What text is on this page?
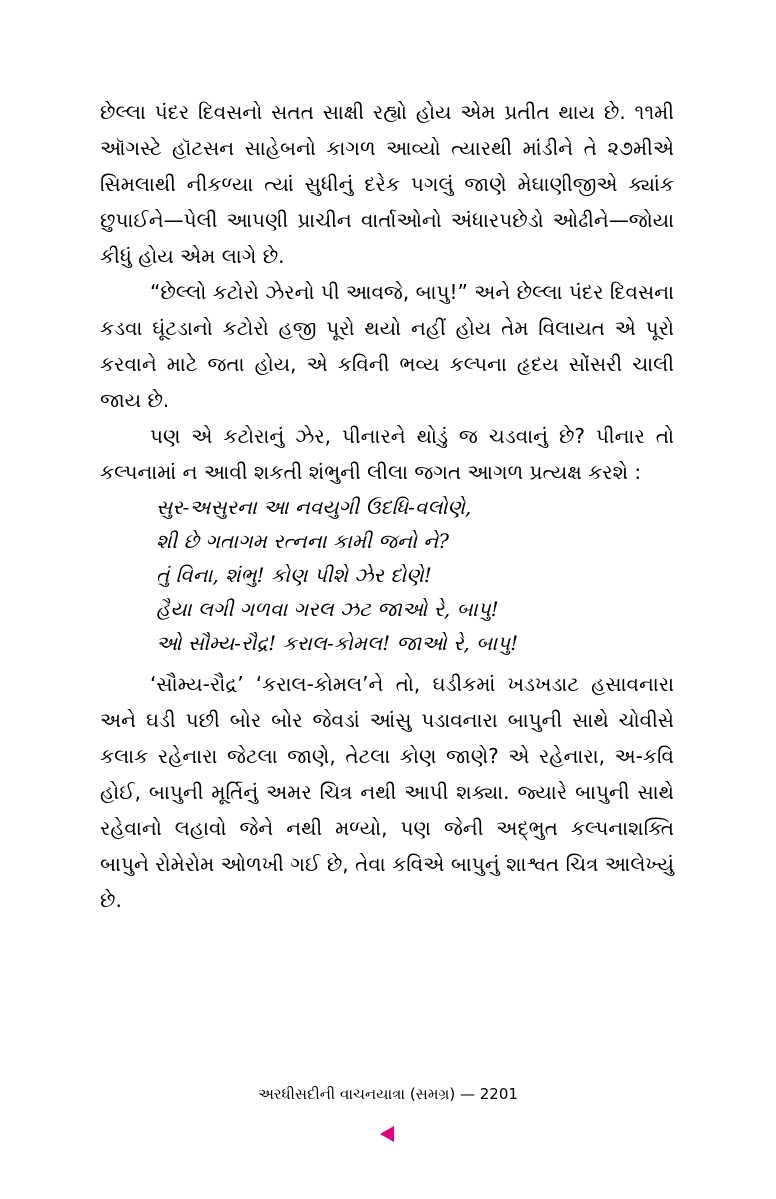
છેલ્લા પંદર દિવસનો સતત સાક્ષી રહ્યો હોય એમ પ્રતીત થાય છે. ૧૧મી ઑગસ્ટે હૉટસન સાહેબનો કાગળ આવ્યો ત્યારથી માંડીને તે ૨૭મીએ સિમલાથી નીકળ્યા ત્યાં સુધીનું દરેક પગલું જાણે મેઘાણીજીએ ક્યાંક છુપાઈને—પેલી આપણી પ્રાચીન વાર્તાઓનો અંધારપછેડો ઓઢીને—જોયા કીધું હોય એમ લાગે છે.

“છેલ્લો કટોરો ઝેરનો પી આવજે, બાપુ!” અને છેલ્લા પંદર દિવસના કડવા ઘૂંટડાનો કટોરો હજી પૂરો થયો નહીં હોય તેમ વિલાયત એ પૂરો કરવાને માટે જતા હોય, એ કવિની ભવ્ય કલ્પના હૃદય સોંસરી ચાલી જાય છે.

પણ એ કટોરાનું ઝેર, પીનારને થોડું જ ચડવાનું છે? પીનાર તો કલ્પનામાં ન આવી શકતી શંભુની લીલા જગત આગળ પ્રત્યક્ષ કરશે :

સુર-અસુરના આ નવયુગી ઉદધિ-વલોણે,
શી છે ગતાગમ રત્નના કામી જનો ને?
તું વિના, શંભુ! કોણ પીશે ઝેર દોણે!
હૈયા લગી ગળવા ગરલ ઝટ જાઓ રે, બાપુ!
ઓ સૌમ્ય-રૌદ્ર! કરાલ-કોમલ! જાઓ રે, બાપુ!

‘સૌમ્ય-રૌદ્ર’ ‘કરાલ-કોમલ’ને તો, ઘડીકમાં ખડખડાટ હસાવનારા અને ઘડી પછી બોર બોર જેવડાં આંસુ પડાવનારા બાપુની સાથે ચોવીસે કલાક રહેનારા જેટલા જાણે, તેટલા કોણ જાણે? એ રહેનારા, અ-કવિ હોઈ, બાપુની મૂર્તિનું અમર ચિત્ર નથી આપી શક્યા. જ્યારે બાપુની સાથે રહેવાનો લહાવો જેને નથી મળ્યો, પણ જેની અદ્ભુત કલ્પનાશક્તિ બાપુને રોમેરોમ ઓળખી ગઈ છે, તેવા કવિએ બાપુનું શાશ્વત ચિત્ર આલેખ્યું છે.

અરધીસદીની વાચનયાત્રા (સમગ્ર) — 2201
